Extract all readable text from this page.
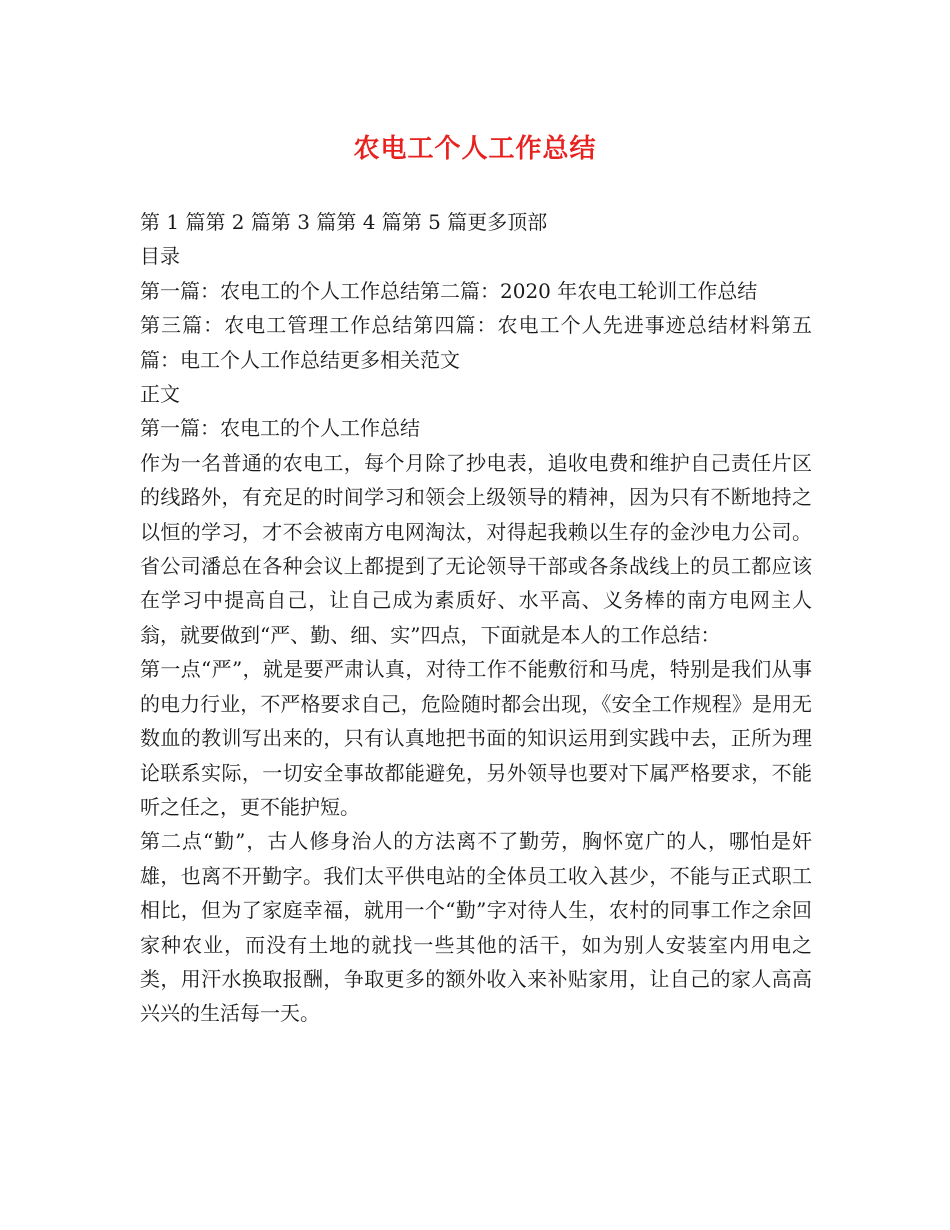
农电工个人工作总结

第 1 篇第 2 篇第 3 篇第 4 篇第 5 篇更多顶部

目录

第一篇：农电工的个人工作总结第二篇：2020 年农电工轮训工作总结

第三篇：农电工管理工作总结第四篇：农电工个人先进事迹总结材料第五篇：电工个人工作总结更多相关范文

正文

第一篇：农电工的个人工作总结

作为一名普通的农电工，每个月除了抄电表，追收电费和维护自己责任片区的线路外，有充足的时间学习和领会上级领导的精神，因为只有不断地持之以恒的学习，才不会被南方电网淘汰，对得起我赖以生存的金沙电力公司。省公司潘总在各种会议上都提到了无论领导干部或各条战线上的员工都应该在学习中提高自己，让自己成为素质好、水平高、义务棒的南方电网主人翁，就要做到“严、勤、细、实”四点，下面就是本人的工作总结：

第一点“严”，就是要严肃认真，对待工作不能敷衍和马虎，特别是我们从事的电力行业，不严格要求自己，危险随时都会出现，《安全工作规程》是用无数血的教训写出来的，只有认真地把书面的知识运用到实践中去，正所为理论联系实际，一切安全事故都能避免，另外领导也要对下属严格要求，不能听之任之，更不能护短。

第二点“勤”，古人修身治人的方法离不了勤劳，胸怀宽广的人，哪怕是奸雄，也离不开勤字。我们太平供电站的全体员工收入甚少，不能与正式职工相比，但为了家庭幸福，就用一个“勤”字对待人生，农村的同事工作之余回家种农业，而没有土地的就找一些其他的活干，如为别人安装室内用电之类，用汗水换取报酬，争取更多的额外收入来补贴家用，让自己的家人高高兴兴的生活每一天。
